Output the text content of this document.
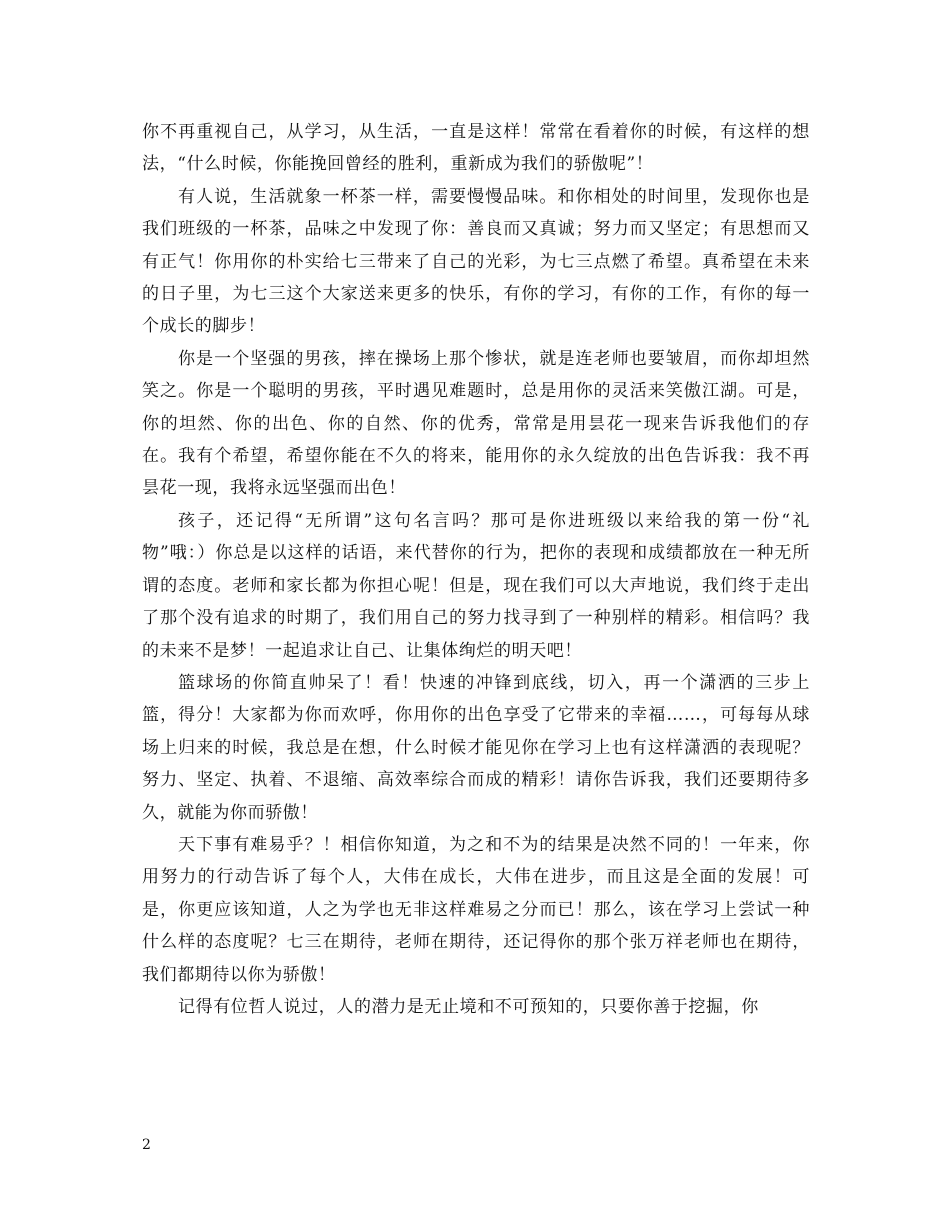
你不再重视自己，从学习，从生活，一直是这样！常常在看着你的时候，有这样的想法，“什么时候，你能挽回曾经的胜利，重新成为我们的骄傲呢”！

有人说，生活就象一杯茶一样，需要慢慢品味。和你相处的时间里，发现你也是我们班级的一杯茶，品味之中发现了你：善良而又真诚；努力而又坚定；有思想而又有正气！你用你的朴实给七三带来了自己的光彩，为七三点燃了希望。真希望在未来的日子里，为七三这个大家送来更多的快乐，有你的学习，有你的工作，有你的每一个成长的脚步！

你是一个坚强的男孩，摔在操场上那个惨状，就是连老师也要皱眉，而你却坦然笑之。你是一个聪明的男孩，平时遇见难题时，总是用你的灵活来笑傲江湖。可是，你的坦然、你的出色、你的自然、你的优秀，常常是用昙花一现来告诉我他们的存在。我有个希望，希望你能在不久的将来，能用你的永久绽放的出色告诉我：我不再昙花一现，我将永远坚强而出色！

孩子，还记得“无所谓”这句名言吗？那可是你进班级以来给我的第一份“礼物”哦：）你总是以这样的话语，来代替你的行为，把你的表现和成绩都放在一种无所谓的态度。老师和家长都为你担心呢！但是，现在我们可以大声地说，我们终于走出了那个没有追求的时期了，我们用自己的努力找寻到了一种别样的精彩。相信吗？我的未来不是梦！一起追求让自己、让集体绚烂的明天吧！

篮球场的你简直帅呆了！看！快速的冲锋到底线，切入，再一个潇洒的三步上篮，得分！大家都为你而欢呼，你用你的出色享受了它带来的幸福……，可每每从球场上归来的时候，我总是在想，什么时候才能见你在学习上也有这样潇洒的表现呢？努力、坚定、执着、不退缩、高效率综合而成的精彩！请你告诉我，我们还要期待多久，就能为你而骄傲！

天下事有难易乎？！相信你知道，为之和不为的结果是决然不同的！一年来，你用努力的行动告诉了每个人，大伟在成长，大伟在进步，而且这是全面的发展！可是，你更应该知道，人之为学也无非这样难易之分而已！那么，该在学习上尝试一种什么样的态度呢？七三在期待，老师在期待，还记得你的那个张万祥老师也在期待，我们都期待以你为骄傲！

记得有位哲人说过，人的潜力是无止境和不可预知的，只要你善于挖掘，你

2
